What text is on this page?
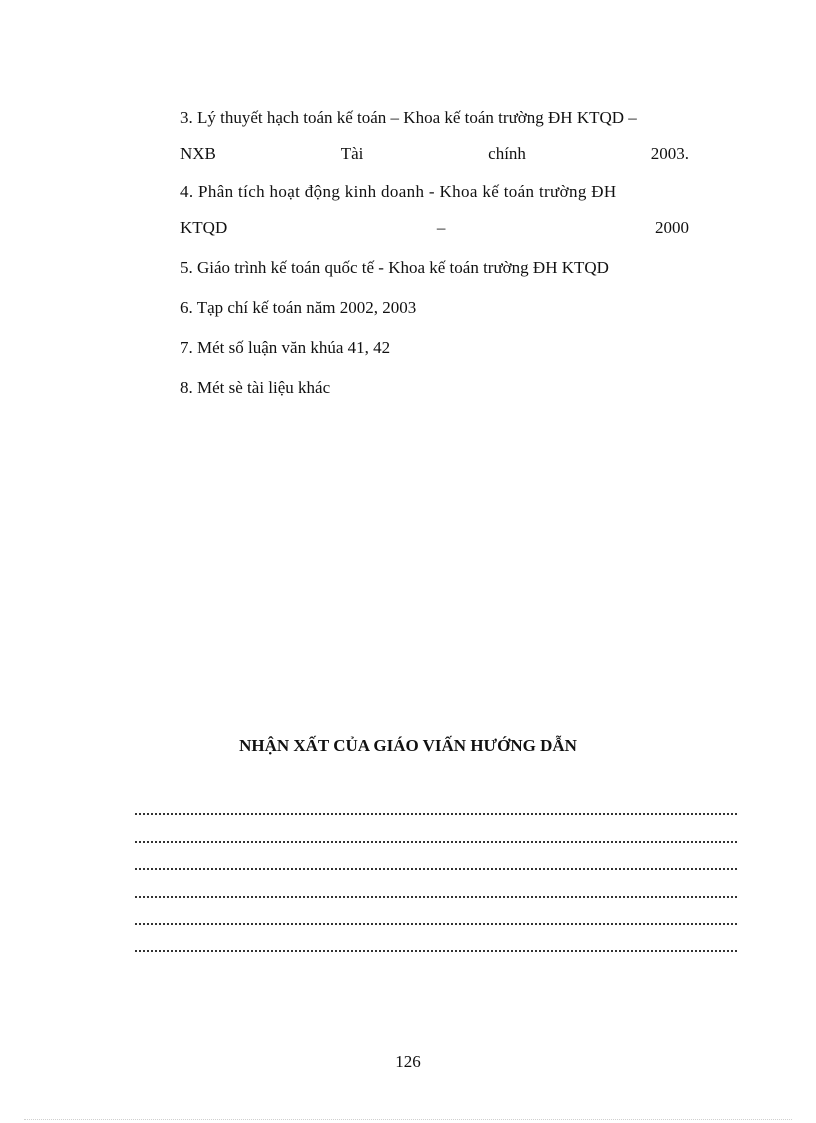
3. Lý thuyết hạch toán kế toán – Khoa kế toán trường ĐH KTQD –
NXB	Tài	chính	2003.
4. Phân tích hoạt động kinh doanh - Khoa kế toán trường ĐH
KTQD	–	2000
5. Giáo trình kế toán quốc tế - Khoa kế toán trường ĐH KTQD
6. Tạp chí kế toán năm 2002, 2003
7. Mét số luận văn khúa 41, 42
8. Mét sè tài liệu khác
NHẬN XẤT CỦA GIÁO VIẤN HƯỚNG DẪN
126
